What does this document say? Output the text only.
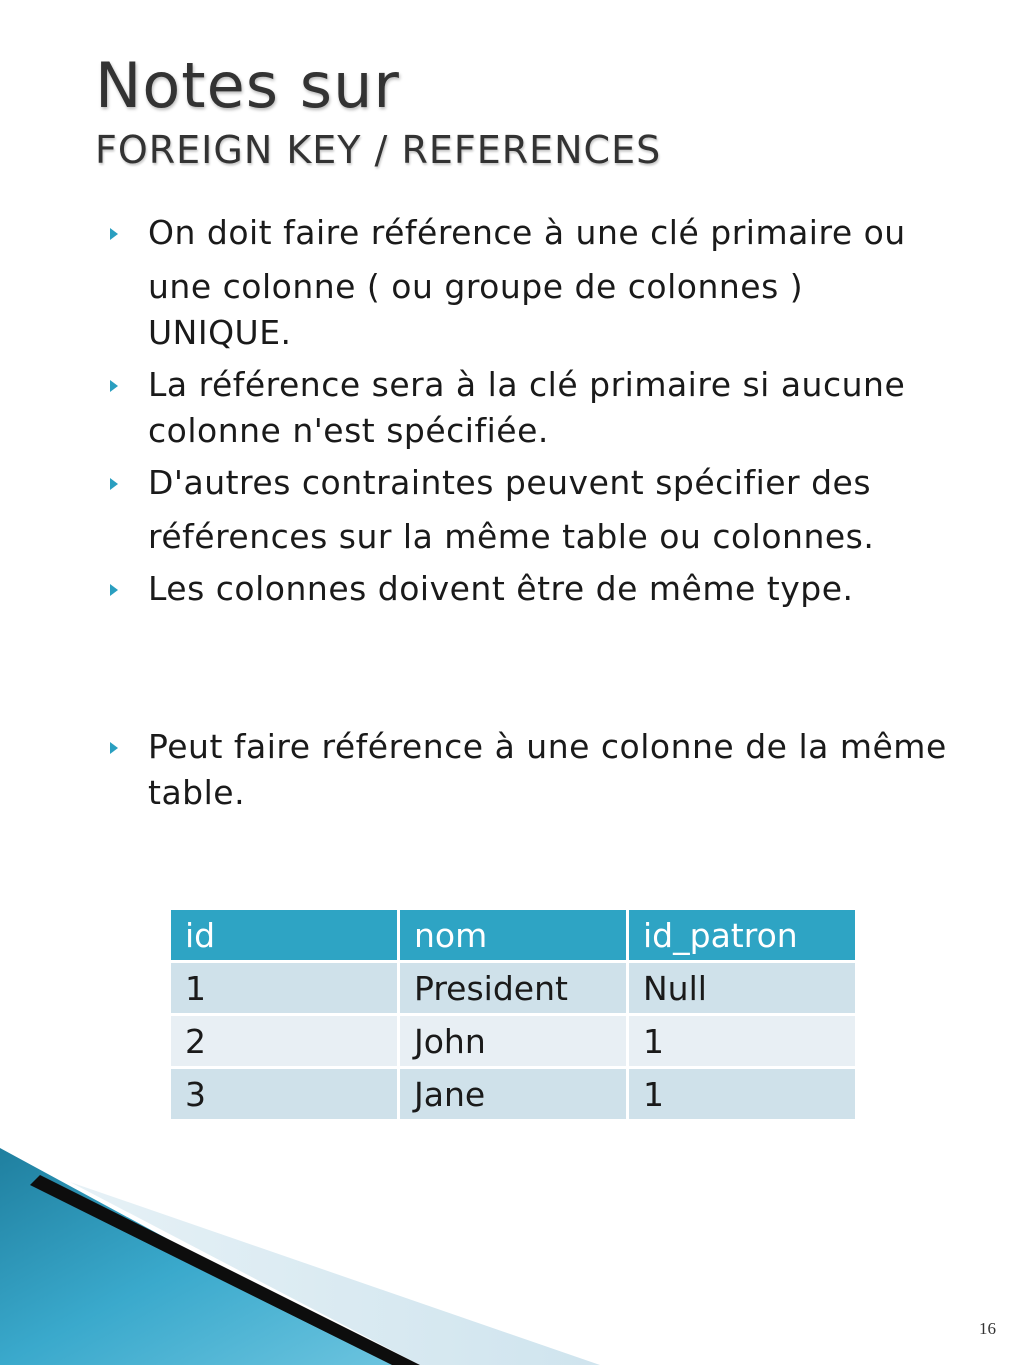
Notes sur
FOREIGN KEY / REFERENCES
On doit faire référence à une clé primaire ou
une colonne ( ou groupe de colonnes ) UNIQUE.
La référence sera à la clé primaire si aucune colonne n'est spécifiée.
D'autres contraintes peuvent spécifier des
références sur la même table ou colonnes.
Les colonnes doivent être de même type.
Peut faire référence à une colonne de la même table.
id	nom	id_patron
1	President	Null
2	John	1
3	Jane	1
16
